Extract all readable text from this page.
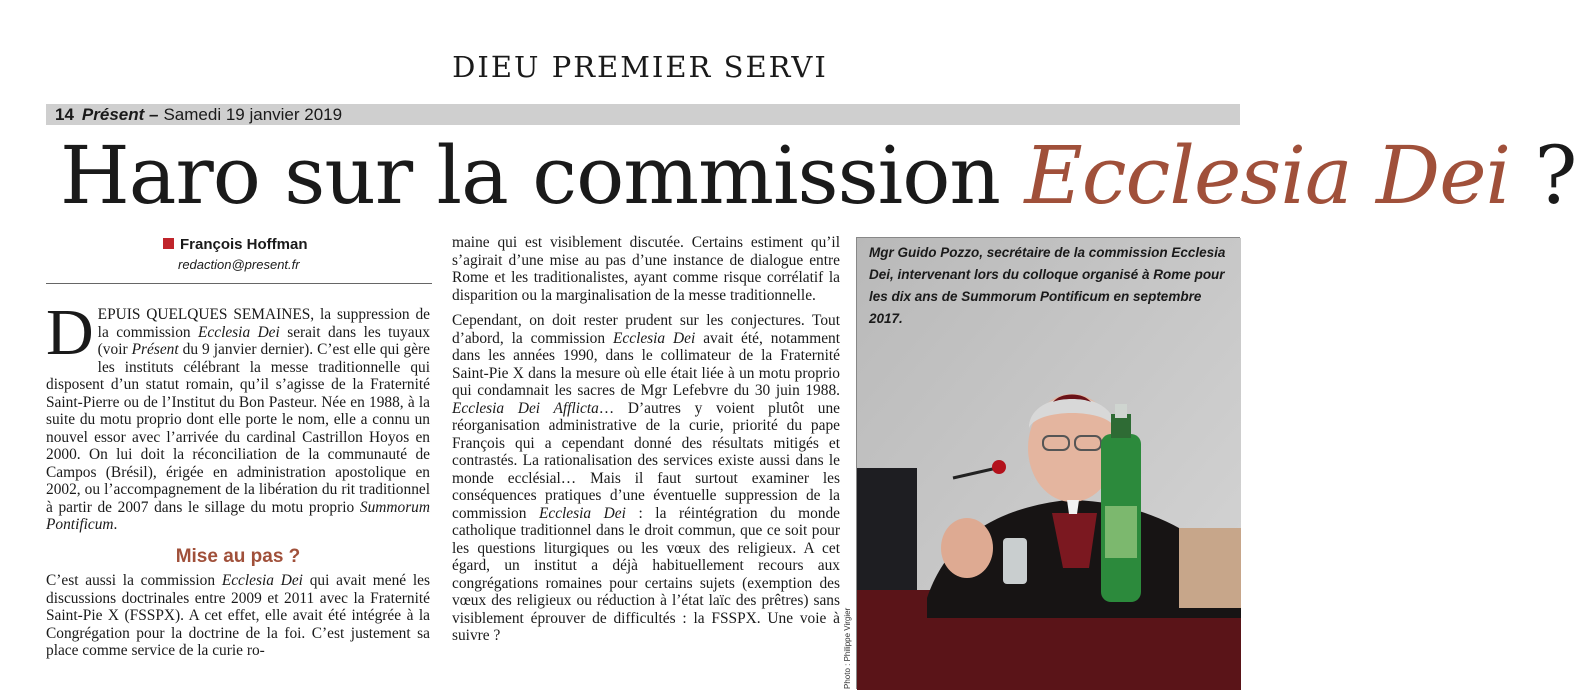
DIEU PREMIER SERVI
14 Présent – Samedi 19 janvier 2019
Haro sur la commission Ecclesia Dei ?
François Hoffman
redaction@present.fr

DEPUIS QUELQUES SEMAINES, la suppression de la commission Ecclesia Dei serait dans les tuyaux (voir Présent du 9 janvier dernier). C’est elle qui gère les instituts célébrant la messe traditionnelle qui disposent d’un statut romain, qu’il s’agisse de la Fraternité Saint-Pierre ou de l’Institut du Bon Pasteur. Née en 1988, à la suite du motu proprio dont elle porte le nom, elle a connu un nouvel essor avec l’arrivée du cardinal Castrillon Hoyos en 2000. On lui doit la réconciliation de la communauté de Campos (Brésil), érigée en administration apostolique en 2002, ou l’accompagnement de la libération du rit traditionnel à partir de 2007 dans le sillage du motu proprio Summorum Pontificum.

Mise au pas ?

C’est aussi la commission Ecclesia Dei qui avait mené les discussions doctrinales entre 2009 et 2011 avec la Fraternité Saint-Pie X (FSSPX). A cet effet, elle avait été intégrée à la Congrégation pour la doctrine de la foi. C’est justement sa place comme service de la curie ro-

maine qui est visiblement discutée. Certains estiment qu’il s’agirait d’une mise au pas d’une instance de dialogue entre Rome et les traditionalistes, ayant comme risque corrélatif la disparition ou la marginalisation de la messe traditionnelle.

Cependant, on doit rester prudent sur les conjectures. Tout d’abord, la commission Ecclesia Dei avait été, notamment dans les années 1990, dans le collimateur de la Fraternité Saint-Pie X dans la mesure où elle était liée à un motu proprio qui condamnait les sacres de Mgr Lefebvre du 30 juin 1988. Ecclesia Dei Afflicta… D’autres y voient plutôt une réorganisation administrative de la curie, priorité du pape François qui a cependant donné des résultats mitigés et contrastés. La rationalisation des services existe aussi dans le monde ecclésial… Mais il faut surtout examiner les conséquences pratiques d’une éventuelle suppression de la commission Ecclesia Dei : la réintégration du monde catholique traditionnel dans le droit commun, que ce soit pour les questions liturgiques ou les vœux des religieux. A cet égard, un institut a déjà habituellement recours aux congrégations romaines pour certains sujets (exemption des vœux des religieux ou réduction à l’état laïc des prêtres) sans visiblement éprouver de difficultés : la FSSPX. Une voie à suivre ?

Mgr Guido Pozzo, secrétaire de la commission Ecclesia Dei, intervenant lors du colloque organisé à Rome pour les dix ans de Summorum Pontificum en septembre 2017.
Photo : Philippe Virgier
